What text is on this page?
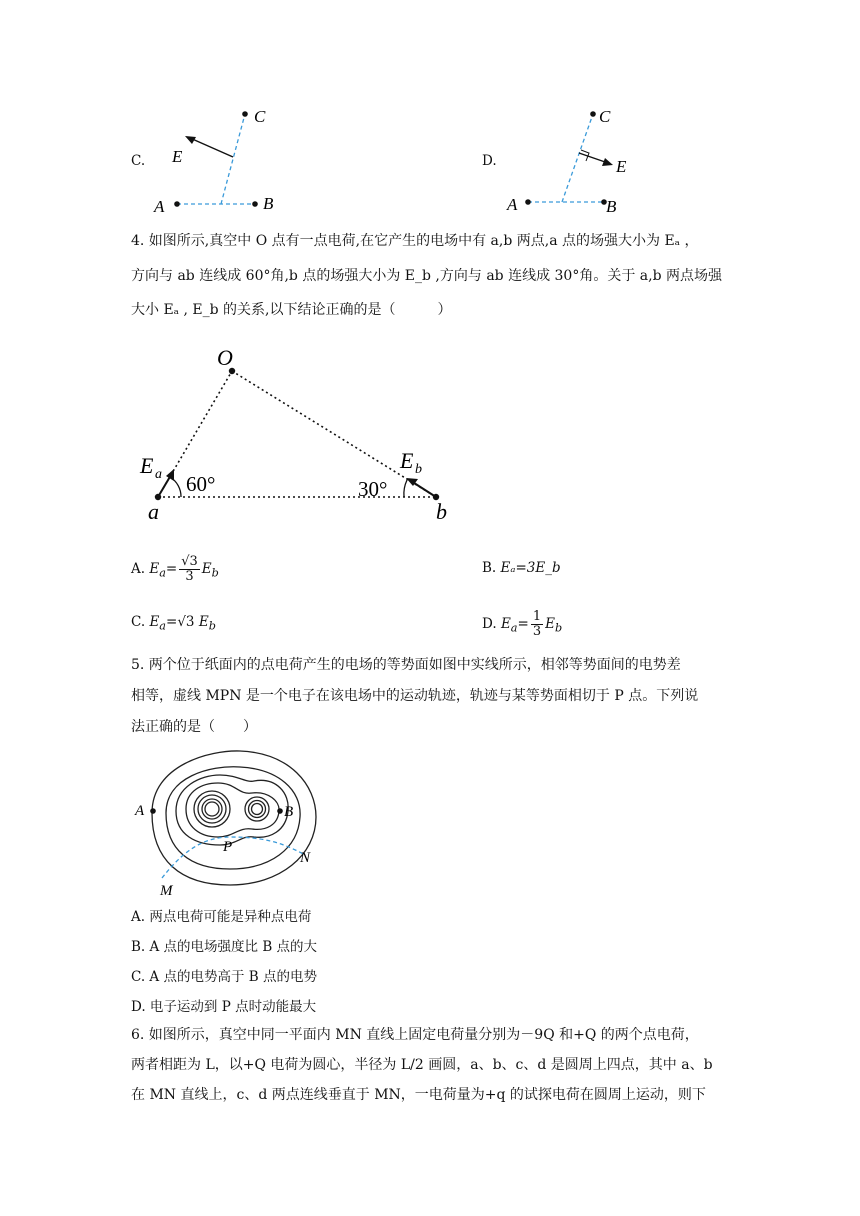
C.
A	B
C
E	D.
A	B
C
E
4. 如图所示,真空中 O 点有一点电荷,在它产生的电场中有 a,b 两点,a 点的场强大小为 Eₐ ，
方向与 ab 连线成 60°角,b 点的场强大小为 E_b ,方向与 ab 连线成 30°角。关于 a,b 两点场强
大小 Eₐ , E_b 的关系,以下结论正确的是（　　　）
O
a	b
E a
E b
60°	30°
A. $E_a= \frac{√3}{3} E_b$	B. Eₐ=3E_b
C. $E_a=√3$ $E_b$	D. $E_a= \frac{1}{3} E_b$
5. 两个位于纸面内的点电荷产生的电场的等势面如图中实线所示，相邻等势面间的电势差
相等，虚线 MPN 是一个电子在该电场中的运动轨迹，轨迹与某等势面相切于 P 点。下列说
法正确的是（　　）
A	B
P
M
N
A. 两点电荷可能是异种点电荷
B. A 点的电场强度比 B 点的大
C. A 点的电势高于 B 点的电势
D. 电子运动到 P 点时动能最大
6. 如图所示，真空中同一平面内 MN 直线上固定电荷量分别为－9Q 和+Q 的两个点电荷，
两者相距为 L，以+Q 电荷为圆心，半径为 L/2 画圆，a、b、c、d 是圆周上四点，其中 a、b
在 MN 直线上，c、d 两点连线垂直于 MN，一电荷量为+q 的试探电荷在圆周上运动，则下
